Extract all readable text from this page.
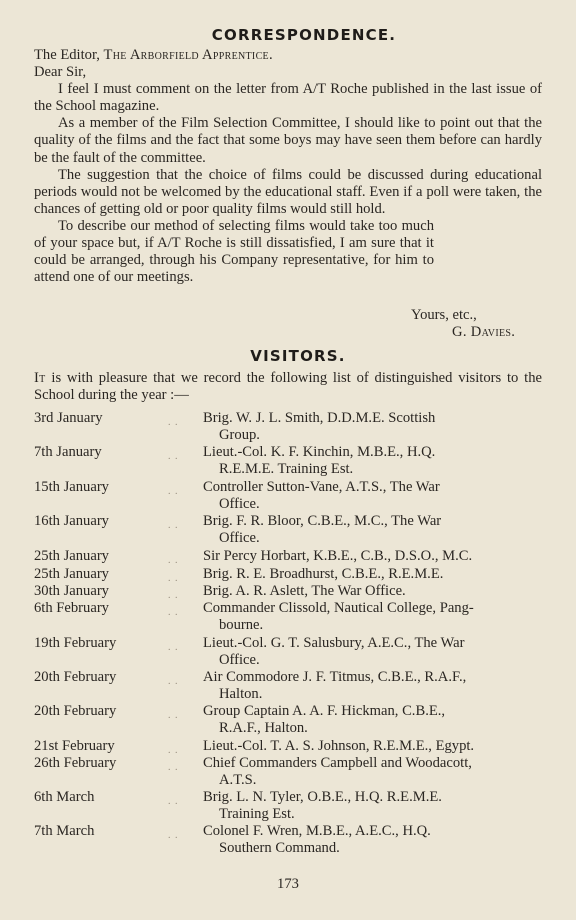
CORRESPONDENCE.

The Editor, The Arborfield Apprentice.

Dear Sir,

I feel I must comment on the letter from A/T Roche published in the last issue of the School magazine.

As a member of the Film Selection Committee, I should like to point out that the quality of the films and the fact that some boys may have seen them before can hardly be the fault of the committee.

The suggestion that the choice of films could be discussed during educational periods would not be welcomed by the educational staff. Even if a poll were taken, the chances of getting old or poor quality films would still hold.

To describe our method of selecting films would take too much of your space but, if A/T Roche is still dissatisfied, I am sure that it could be arranged, through his Company representative, for him to attend one of our meetings.

Yours, etc.,
G. Davies.
VISITORS.

It is with pleasure that we record the following list of distinguished visitors to the School during the year :—

3rd January	. . Brig. W. J. L. Smith, D.D.M.E. Scottish
Group.
7th January	. . Lieut.-Col. K. F. Kinchin, M.B.E., H.Q.
R.E.M.E. Training Est.
15th January	. . Controller Sutton-Vane, A.T.S., The War
Office.
16th January	. . Brig. F. R. Bloor, C.B.E., M.C., The War
Office.
25th January	. . Sir Percy Horbart, K.B.E., C.B., D.S.O., M.C.
25th January	. . Brig. R. E. Broadhurst, C.B.E., R.E.M.E.
30th January	. . Brig. A. R. Aslett, The War Office.
6th February	. . Commander Clissold, Nautical College, Pang-
bourne.
19th February	. . Lieut.-Col. G. T. Salusbury, A.E.C., The War
Office.
20th February	. . Air Commodore J. F. Titmus, C.B.E., R.A.F.,
Halton.
20th February	. . Group Captain A. A. F. Hickman, C.B.E.,
R.A.F., Halton.
21st February	. . Lieut.-Col. T. A. S. Johnson, R.E.M.E., Egypt.
26th February	. . Chief Commanders Campbell and Woodacott,
A.T.S.
6th March	. . Brig. L. N. Tyler, O.B.E., H.Q. R.E.M.E.
Training Est.
7th March	. . Colonel F. Wren, M.B.E., A.E.C., H.Q.
Southern Command.
173
